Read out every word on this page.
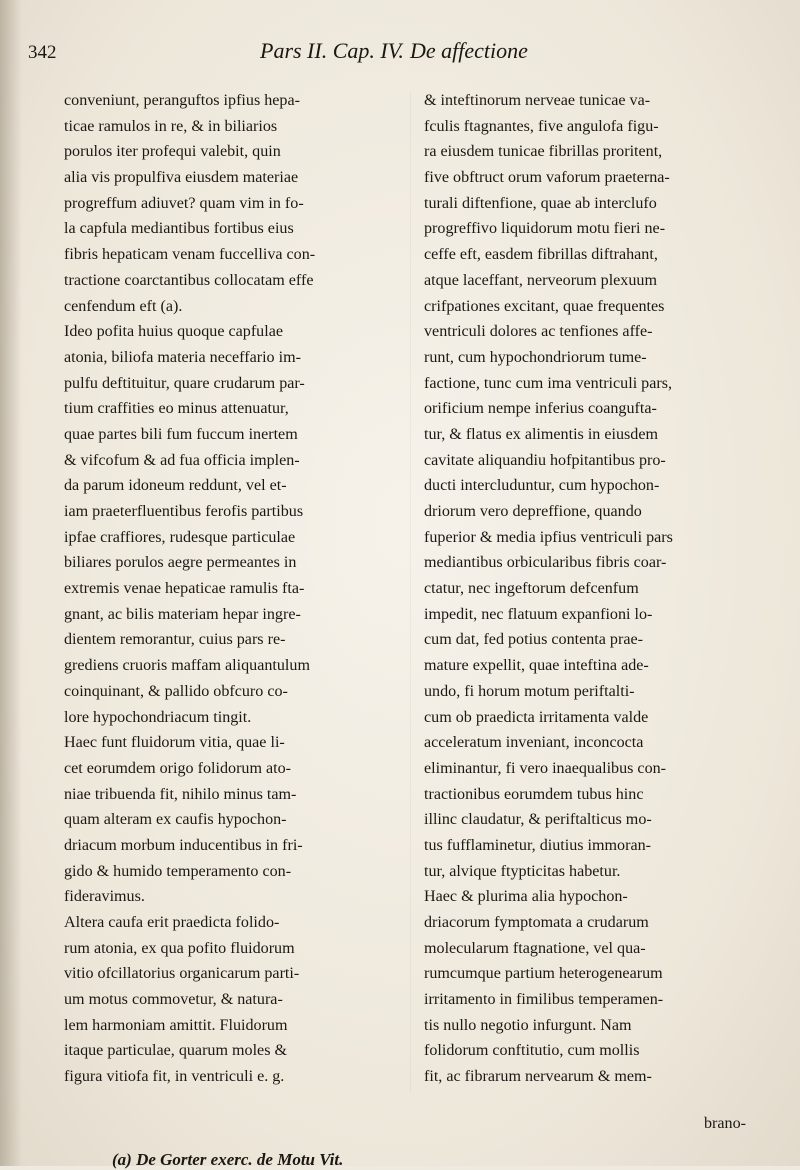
342	Pars II. Cap. IV. De affectione
conveniunt, peranguftos ipfius hepa-
ticae ramulos in re, & in biliarios
porulos iter profequi valebit, quin
alia vis propulfiva eiusdem materiae
progreffum adiuvet? quam vim in fo-
la capfula mediantibus fortibus eius
fibris hepaticam venam fuccelliva con-
tractione coarctantibus collocatam effe
cenfendum eft (a).
Ideo pofita huius quoque capfulae
atonia, biliofa materia neceffario im-
pulfu deftituitur, quare crudarum par-
tium craffities eo minus attenuatur,
quae partes bili fum fuccum inertem
& vifcofum & ad fua officia implen-
da parum idoneum reddunt, vel et-
iam praeterfluentibus ferofis partibus
ipfae craffiores, rudesque particulae
biliares porulos aegre permeantes in
extremis venae hepaticae ramulis fta-
gnant, ac bilis materiam hepar ingre-
dientem remorantur, cuius pars re-
grediens cruoris maffam aliquantulum
coinquinant, & pallido obfcuro co-
lore hypochondriacum tingit.
Haec funt fluidorum vitia, quae li-
cet eorumdem origo folidorum ato-
niae tribuenda fit, nihilo minus tam-
quam alteram ex caufis hypochon-
driacum morbum inducentibus in fri-
gido & humido temperamento con-
fideravimus.
Altera caufa erit praedicta folido-
rum atonia, ex qua pofito fluidorum
vitio ofcillatorius organicarum parti-
um motus commovetur, & natura-
lem harmoniam amittit. Fluidorum
itaque particulae, quarum moles &
figura vitiofa fit, in ventriculi e. g.
& inteftinorum nerveae tunicae va-
fculis ftagnantes, five angulofa figu-
ra eiusdem tunicae fibrillas proritent,
five obftruct orum vaforum praeterna-
turali diftenfione, quae ab interclufo
progreffivo liquidorum motu fieri ne-
ceffe eft, easdem fibrillas diftrahant,
atque laceffant, nerveorum plexuum
crifpationes excitant, quae frequentes
ventriculi dolores ac tenfiones affe-
runt, cum hypochondriorum tume-
factione, tunc cum ima ventriculi pars,
orificium nempe inferius coangufta-
tur, & flatus ex alimentis in eiusdem
cavitate aliquandiu hofpitantibus pro-
ducti intercluduntur, cum hypochon-
driorum vero depreffione, quando
fuperior & media ipfius ventriculi pars
mediantibus orbicularibus fibris coar-
ctatur, nec ingeftorum defcenfum
impedit, nec flatuum expanfioni lo-
cum dat, fed potius contenta prae-
mature expellit, quae inteftina ade-
undo, fi horum motum periftalti-
cum ob praedicta irritamenta valde
acceleratum inveniant, inconcocta
eliminantur, fi vero inaequalibus con-
tractionibus eorumdem tubus hinc
illinc claudatur, & periftalticus mo-
tus fufflaminetur, diutius immoran-
tur, alvique ftypticitas habetur.
Haec & plurima alia hypochon-
driacorum fymptomata a crudarum
molecularum ftagnatione, vel qua-
rumcumque partium heterogenearum
irritamento in fimilibus temperamen-
tis nullo negotio infurgunt. Nam
folidorum conftitutio, cum mollis
fit, ac fibrarum nervearum & mem-
brano-
(a) De Gorter exerc. de Motu Vit.
